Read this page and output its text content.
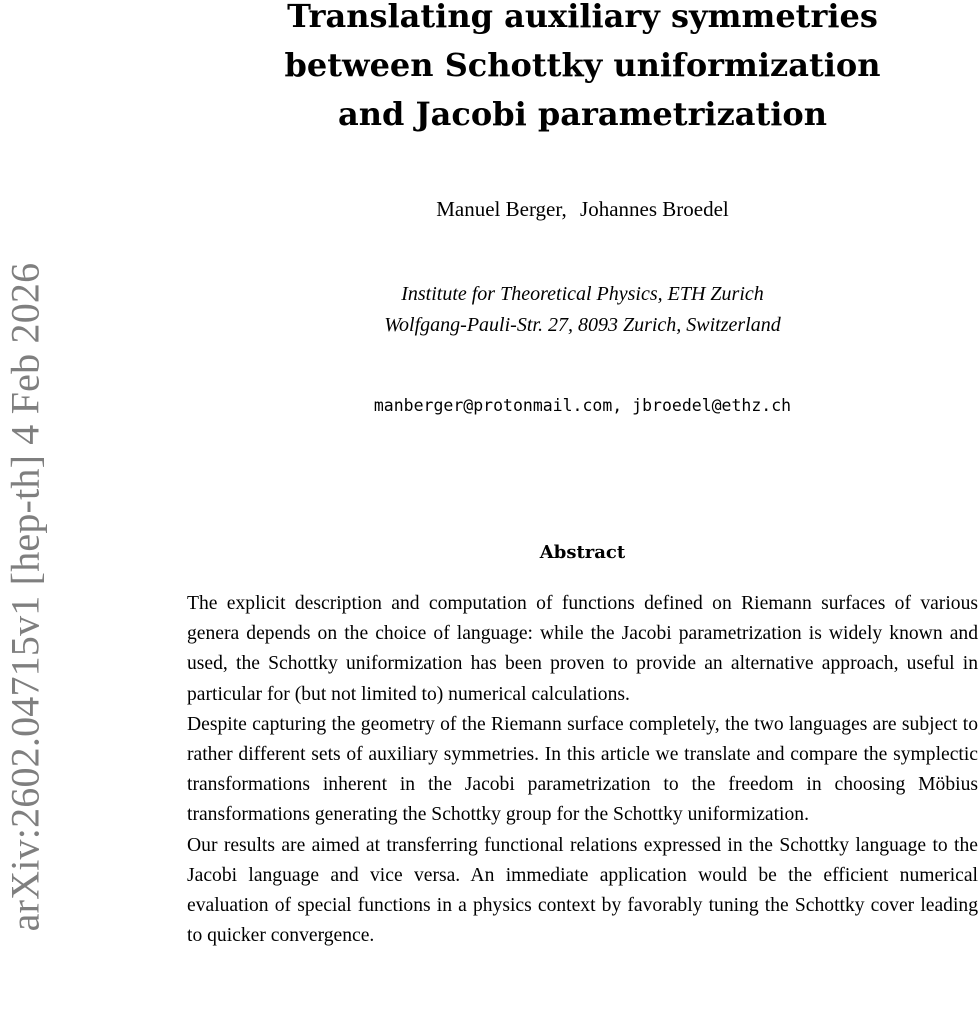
arXiv:2602.04715v1 [hep-th] 4 Feb 2026
Translating auxiliary symmetries
between Schottky uniformization
and Jacobi parametrization
Manuel Berger, Johannes Broedel
Institute for Theoretical Physics, ETH Zurich
Wolfgang-Pauli-Str. 27, 8093 Zurich, Switzerland
manberger@protonmail.com, jbroedel@ethz.ch
Abstract

The explicit description and computation of functions defined on Riemann surfaces of various genera depends on the choice of language: while the Jacobi parametrization is widely known and used, the Schottky uniformization has been proven to provide an alternative approach, useful in particular for (but not limited to) numerical calculations.

Despite capturing the geometry of the Riemann surface completely, the two languages are subject to rather different sets of auxiliary symmetries. In this article we translate and compare the symplectic transformations inherent in the Jacobi parametrization to the freedom in choosing Möbius transformations generating the Schottky group for the Schottky uniformization.

Our results are aimed at transferring functional relations expressed in the Schottky language to the Jacobi language and vice versa. An immediate application would be the efficient numerical evaluation of special functions in a physics context by favorably tuning the Schottky cover leading to quicker convergence.
